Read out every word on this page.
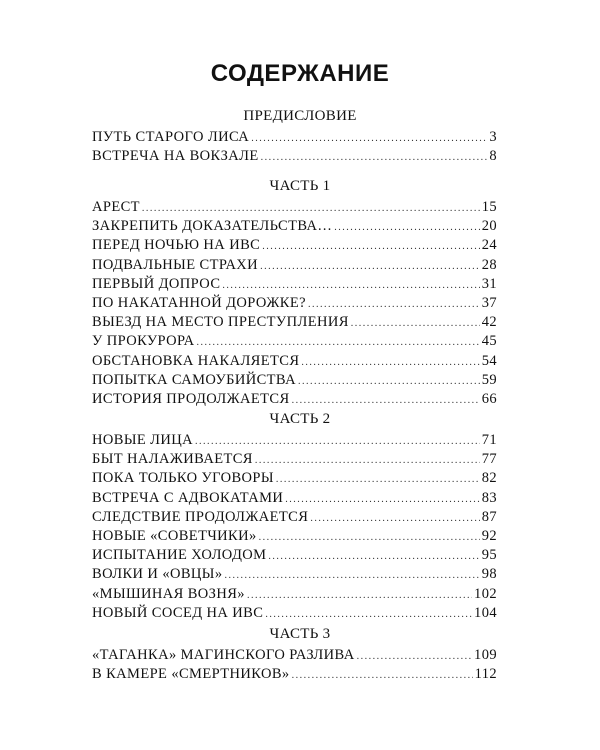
СОДЕРЖАНИЕ
ПРЕДИСЛОВИЕ
ПУТЬ СТАРОГО ЛИСА .....	3
ВСТРЕЧА НА ВОКЗАЛЕ .....	8
ЧАСТЬ 1
АРЕСТ .....	15
ЗАКРЕПИТЬ ДОКАЗАТЕЛЬСТВА… .....	20
ПЕРЕД НОЧЬЮ НА ИВС .....	24
ПОДВАЛЬНЫЕ СТРАХИ .....	28
ПЕРВЫЙ ДОПРОС .....	31
ПО НАКАТАННОЙ ДОРОЖКЕ? .....	37
ВЫЕЗД НА МЕСТО ПРЕСТУПЛЕНИЯ .....	42
У ПРОКУРОРА .....	45
ОБСТАНОВКА НАКАЛЯЕТСЯ .....	54
ПОПЫТКА САМОУБИЙСТВА .....	59
ИСТОРИЯ ПРОДОЛЖАЕТСЯ .....	66
ЧАСТЬ 2
НОВЫЕ ЛИЦА .....	71
БЫТ НАЛАЖИВАЕТСЯ .....	77
ПОКА ТОЛЬКО УГОВОРЫ .....	82
ВСТРЕЧА С АДВОКАТАМИ .....	83
СЛЕДСТВИЕ ПРОДОЛЖАЕТСЯ .....	87
НОВЫЕ «СОВЕТЧИКИ» .....	92
ИСПЫТАНИЕ ХОЛОДОМ .....	95
ВОЛКИ И «ОВЦЫ» .....	98
«МЫШИНАЯ ВОЗНЯ» .....	102
НОВЫЙ СОСЕД НА ИВС .....	104
ЧАСТЬ 3
«ТАГАНКА» МАГИНСКОГО РАЗЛИВА .....	109
В КАМЕРЕ «СМЕРТНИКОВ» .....	112
